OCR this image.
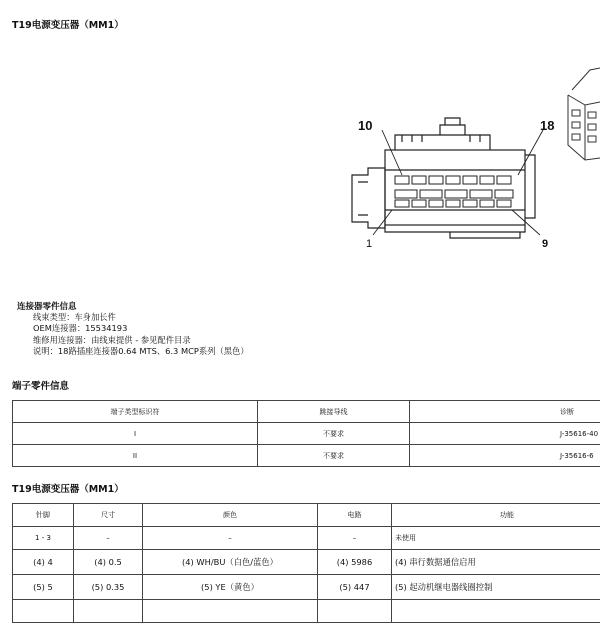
T19电源变压器（MM1）
10	18
1	9
连接器零件信息
线束类型：车身加长件
OEM连接器：15534193
维修用连接器：由线束提供 - 参见配件目录
说明：18路插座连接器0.64 MTS、6.3 MCP系列（黑色）
端子零件信息
端子类型标识符	跳接导线	诊断
I	不要求	J-35616-40
II	不要求	J-35616-6
T19电源变压器（MM1）
针脚	尺寸	颜色	电路	功能
1 - 3	–	–	–	未使用
(4) 4	(4) 0.5	(4) WH/BU（白色/蓝色）	(4) 5986	(4) 串行数据通信启用
(5) 5	(5) 0.35	(5) YE（黄色）	(5) 447	(5) 起动机继电器线圈控制
